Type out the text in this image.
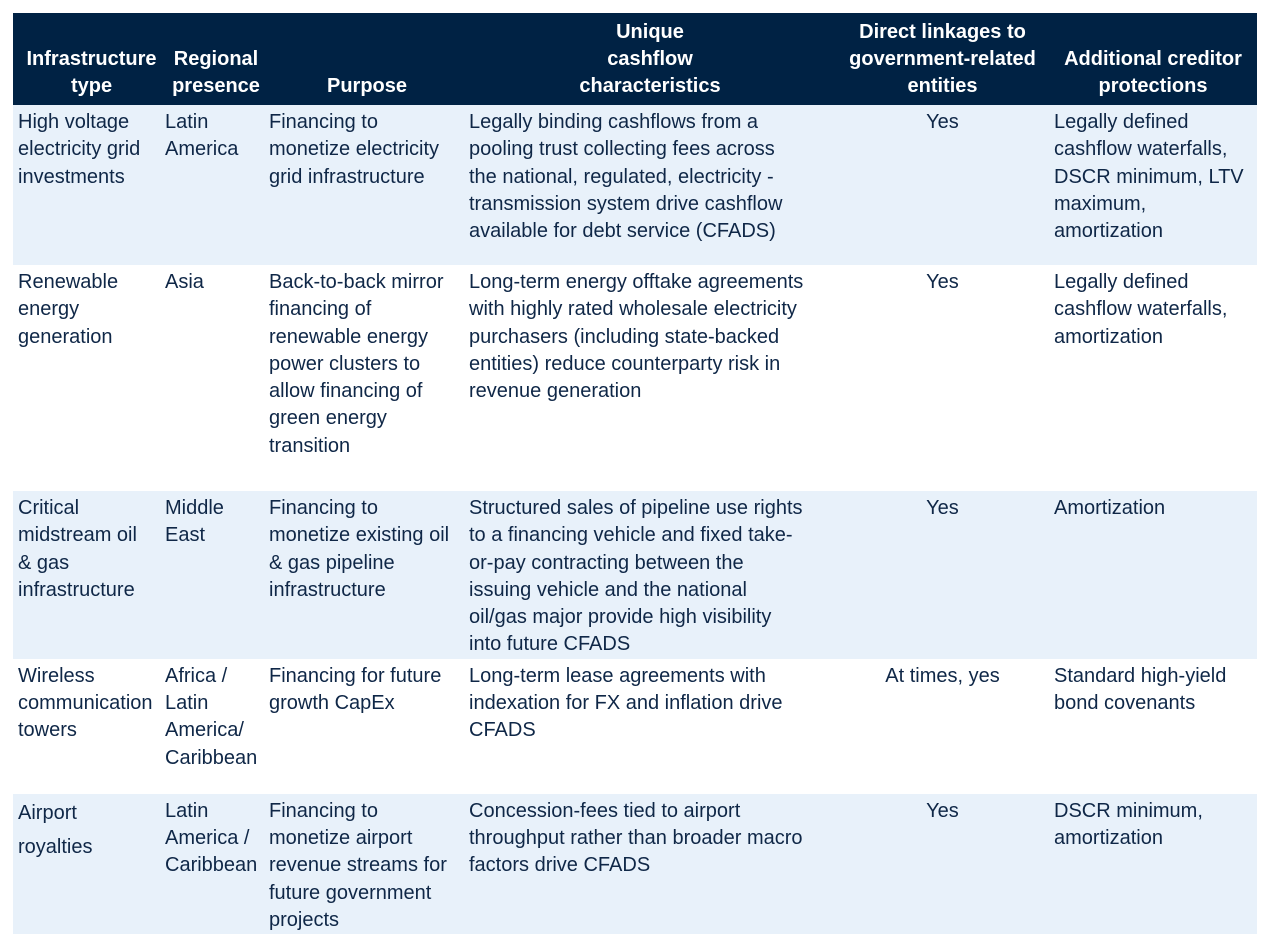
Infrastructure type	Regional presence	Purpose	Unique cashflow characteristics	Direct linkages to government-related entities	Additional creditor protections
High voltage electricity grid investments	Latin America	Financing to monetize electricity grid infrastructure	Legally binding cashflows from a pooling trust collecting fees across the national, regulated, electricity -transmission system drive cashflow available for debt service (CFADS)	Yes	Legally defined cashflow waterfalls, DSCR minimum, LTV maximum, amortization
Renewable energy generation	Asia	Back-to-back mirror financing of renewable energy power clusters to allow financing of green energy transition	Long-term energy offtake agreements with highly rated wholesale electricity purchasers (including state-backed entities) reduce counterparty risk in revenue generation	Yes	Legally defined cashflow waterfalls, amortization
Critical midstream oil & gas infrastructure	Middle East	Financing to monetize existing oil & gas pipeline infrastructure	Structured sales of pipeline use rights to a financing vehicle and fixed take-or-pay contracting between the issuing vehicle and the national oil/gas major provide high visibility into future CFADS	Yes	Amortization
Wireless communication towers	Africa / Latin America/ Caribbean	Financing for future growth CapEx	Long-term lease agreements with indexation for FX and inflation drive CFADS	At times, yes	Standard high-yield bond covenants
Airport royalties	Latin America / Caribbean	Financing to monetize airport revenue streams for future government projects	Concession-fees tied to airport throughput rather than broader macro factors drive CFADS	Yes	DSCR minimum, amortization
